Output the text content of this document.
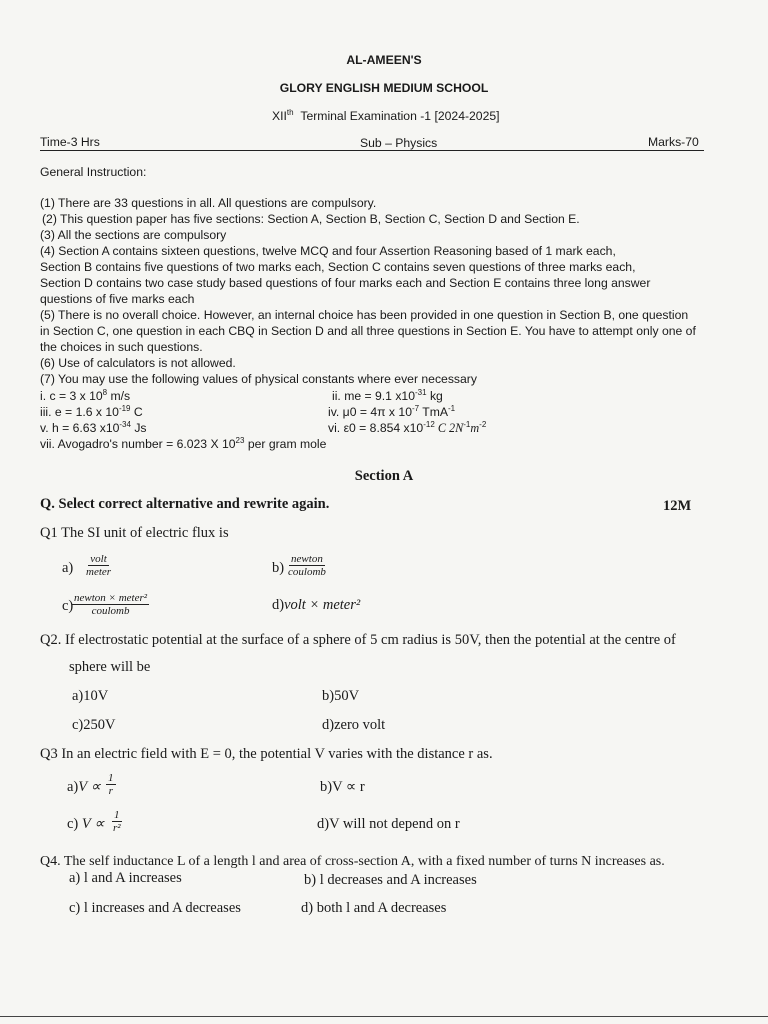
AL-AMEEN'S
GLORY ENGLISH MEDIUM SCHOOL
XIIth Terminal Examination -1 [2024-2025]
Time-3 Hrs	Sub – Physics	Marks-70
General Instruction:
(1) There are 33 questions in all. All questions are compulsory.
(2) This question paper has five sections: Section A, Section B, Section C, Section D and Section E.
(3) All the sections are compulsory
(4) Section A contains sixteen questions, twelve MCQ and four Assertion Reasoning based of 1 mark each,
Section B contains five questions of two marks each, Section C contains seven questions of three marks each,
Section D contains two case study based questions of four marks each and Section E contains three long answer
questions of five marks each
(5) There is no overall choice. However, an internal choice has been provided in one question in Section B, one question
in Section C, one question in each CBQ in Section D and all three questions in Section E. You have to attempt only one of
the choices in such questions.
(6) Use of calculators is not allowed.
(7) You may use the following values of physical constants where ever necessary
i. c = 3 x $10^8$ m/s	ii. me = 9.1 $x10^{-31}$ kg
iii. e = 1.6 x $10^{-19}$ C	iv. μ0 = 4π x $10^{-7}$ TmA$^{-1}$
v. h = 6.63 $x10^{-34}$ Js	vi. ε0 = 8.854 $x10^{-12}$ C $2N^{-1}m^{-2}$
vii. Avogadro's number = 6.023 X $10^{23}$ per gram mole
Section A
Q. Select correct alternative and rewrite again.	12M
Q1 The SI unit of electric flux is
a)
volt
meter	b)
newton
coulomb
c) newton × meter²
coulomb	d)volt × meter²
Q2. If electrostatic potential at the surface of a sphere of 5 cm radius is 50V, then the potential at the centre of
sphere will be
a)10V	b)50V
c)250V	d)zero volt
Q3 In an electric field with E = 0, the potential V varies with the distance r as.
$a)V \propto \frac{1}{r}$	b)V ∝ r
c) $V \propto \frac{1}{\text{r²}}$	d)V will not depend on r
Q4. The self inductance L of a length l and area of cross-section A, with a fixed number of turns N increases as.
a) l and A increases	b) l decreases and A increases
c) l increases and A decreases	d) both l and A decreases
